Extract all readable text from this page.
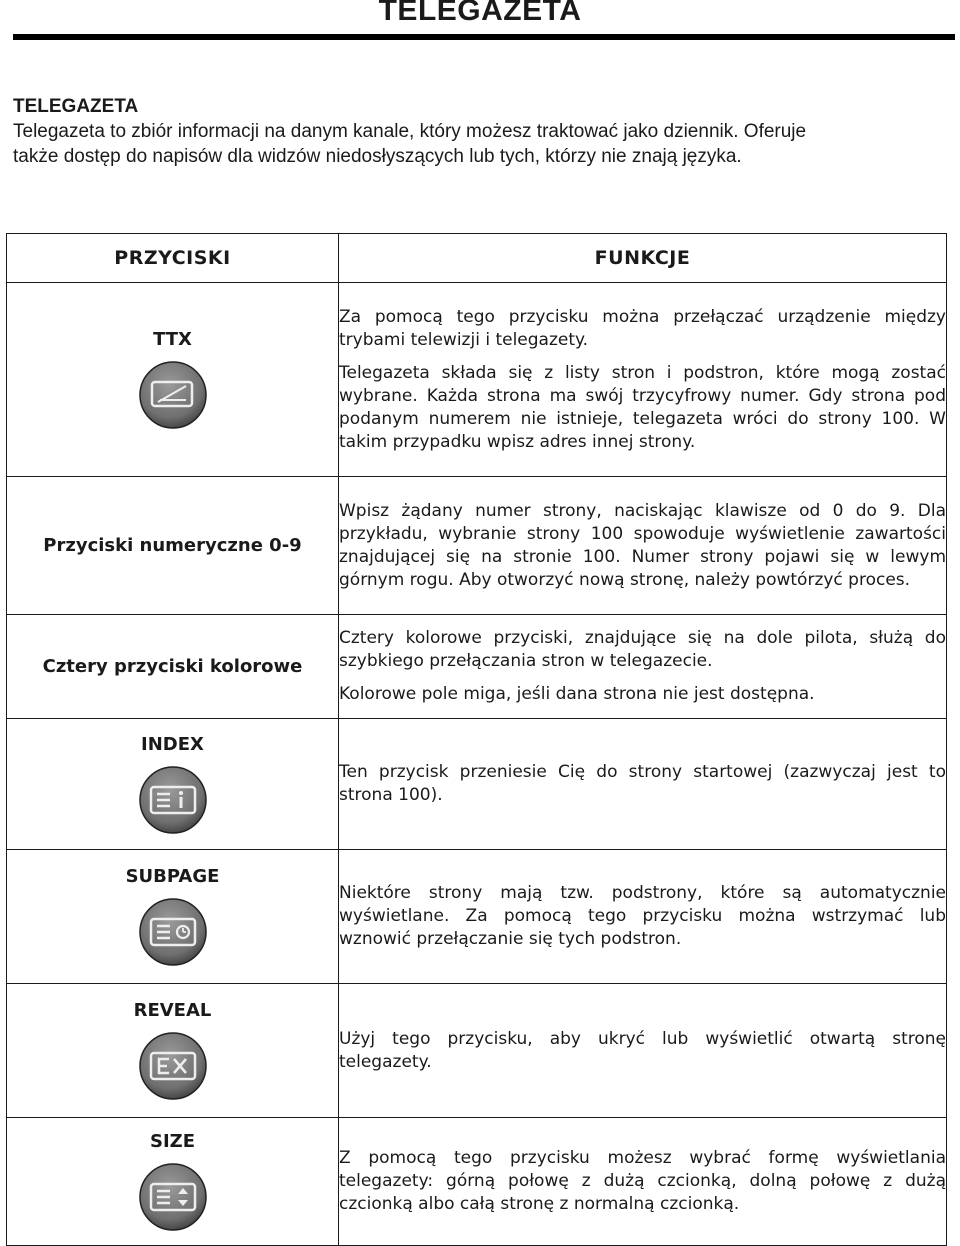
TELEGAZETA
TELEGAZETA
Telegazeta to zbiór informacji na danym kanale, który możesz traktować jako dziennik. Oferuje
także dostęp do napisów dla widzów niedosłyszących lub tych, którzy nie znają języka.
PRZYCISKI	FUNKCJE

TTX	Za pomocą tego przycisku można przełączać urządzenie między trybami telewizji i telegazety.
Telegazeta składa się z listy stron i podstron, które mogą zostać wybrane. Każda strona ma swój trzycyfrowy numer. Gdy strona pod podanym numerem nie istnieje, telegazeta wróci do strony 100. W takim przypadku wpisz adres innej strony.

Przyciski numeryczne 0-9	Wpisz żądany numer strony, naciskając klawisze od 0 do 9. Dla przykładu, wybranie strony 100 spowoduje wyświetlenie zawartości znajdującej się na stronie 100. Numer strony pojawi się w lewym górnym rogu. Aby otworzyć nową stronę, należy powtórzyć proces.

Cztery przyciski kolorowe	Cztery kolorowe przyciski, znajdujące się na dole pilota, służą do szybkiego przełączania stron w telegazecie.
Kolorowe pole miga, jeśli dana strona nie jest dostępna.

INDEX	Ten przycisk przeniesie Cię do strony startowej (zazwyczaj jest to strona 100).

SUBPAGE	Niektóre strony mają tzw. podstrony, które są automatycznie wyświetlane. Za pomocą tego przycisku można wstrzymać lub wznowić przełączanie się tych podstron.

REVEAL	Użyj tego przycisku, aby ukryć lub wyświetlić otwartą stronę telegazety.

SIZE	Z pomocą tego przycisku możesz wybrać formę wyświetlania telegazety: górną połowę z dużą czcionką, dolną połowę z dużą czcionką albo całą stronę z normalną czcionką.
